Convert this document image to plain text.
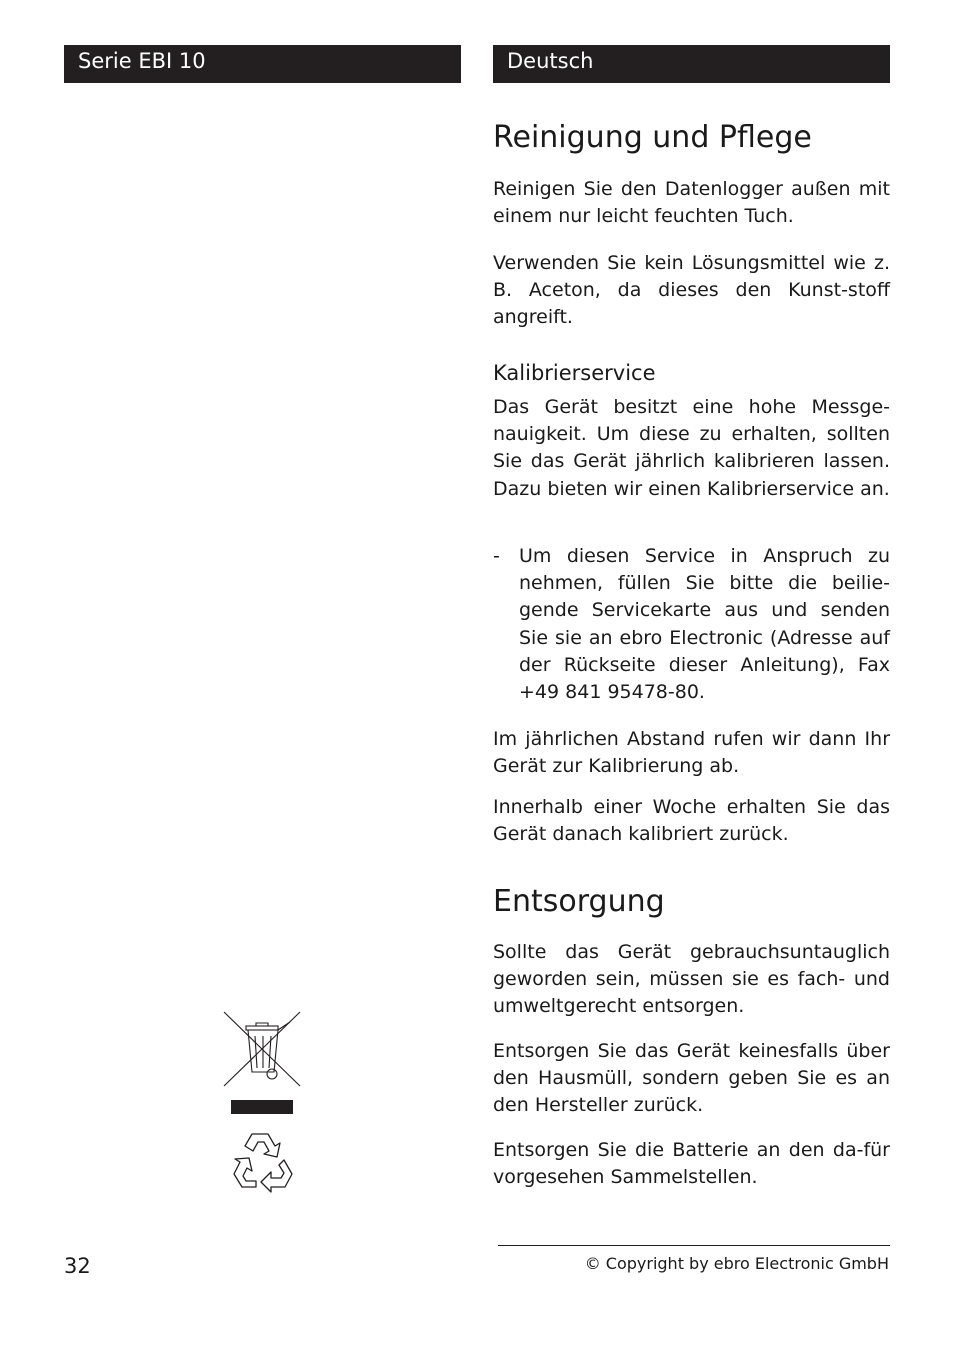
Serie EBI 10	Deutsch
Reinigung und Pflege

Reinigen Sie den Datenlogger außen mit einem nur leicht feuchten Tuch.

Verwenden Sie kein Lösungsmittel wie z. B. Aceton, da dieses den Kunst-stoff angreift.

Kalibrierservice

Das Gerät besitzt eine hohe Messge-nauigkeit. Um diese zu erhalten, sollten Sie das Gerät jährlich kalibrieren lassen. Dazu bieten wir einen Kalibrierservice an.

- Um diesen Service in Anspruch zu nehmen, füllen Sie bitte die beilie-gende Servicekarte aus und senden Sie sie an ebro Electronic (Adresse auf der Rückseite dieser Anleitung), Fax +49 841 95478-80.

Im jährlichen Abstand rufen wir dann Ihr Gerät zur Kalibrierung ab.

Innerhalb einer Woche erhalten Sie das Gerät danach kalibriert zurück.

Entsorgung

Sollte das Gerät gebrauchsuntauglich geworden sein, müssen sie es fach- und umweltgerecht entsorgen.

Entsorgen Sie das Gerät keinesfalls über den Hausmüll, sondern geben Sie es an den Hersteller zurück.

Entsorgen Sie die Batterie an den da-für vorgesehen Sammelstellen.

32	© Copyright by ebro Electronic GmbH
